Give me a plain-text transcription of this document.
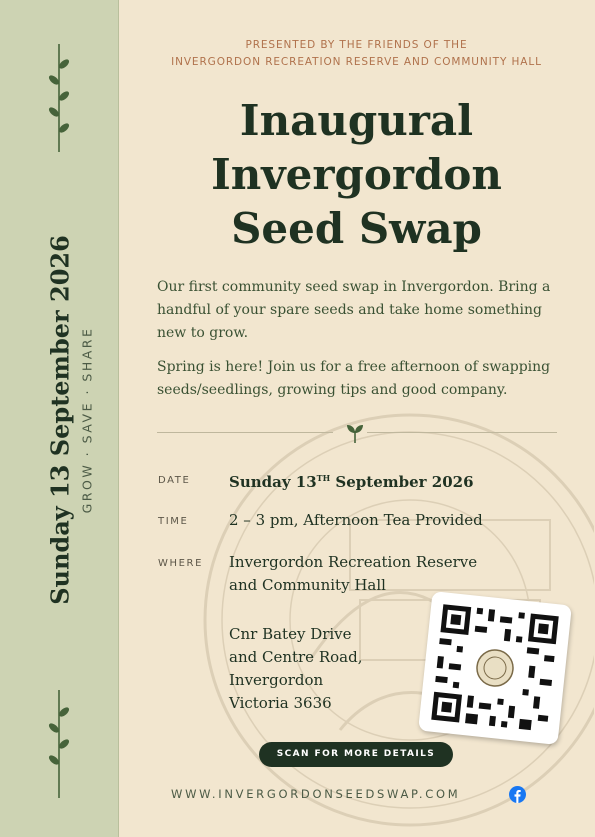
Sunday 13 September 2026 GROW · SAVE · SHARE
PRESENTED BY THE FRIENDS OF THE
INVERGORDON RECREATION RESERVE AND COMMUNITY HALL
Inaugural
Invergordon
Seed Swap

Our first community seed swap in Invergordon. Bring a handful of your spare seeds and take home something new to grow.

Spring is here! Join us for a free afternoon of swapping seeds/seedlings, growing tips and good company.

DATE	Sunday 13TH September 2026
TIME	2 – 3 pm, Afternoon Tea Provided
WHERE Invergordon Recreation Reserve
and Community Hall
Cnr Batey Drive
and Centre Road,
Invergordon
Victoria 3636
SCAN FOR MORE DETAILS
WWW.INVERGORDONSEEDSWAP.COM
